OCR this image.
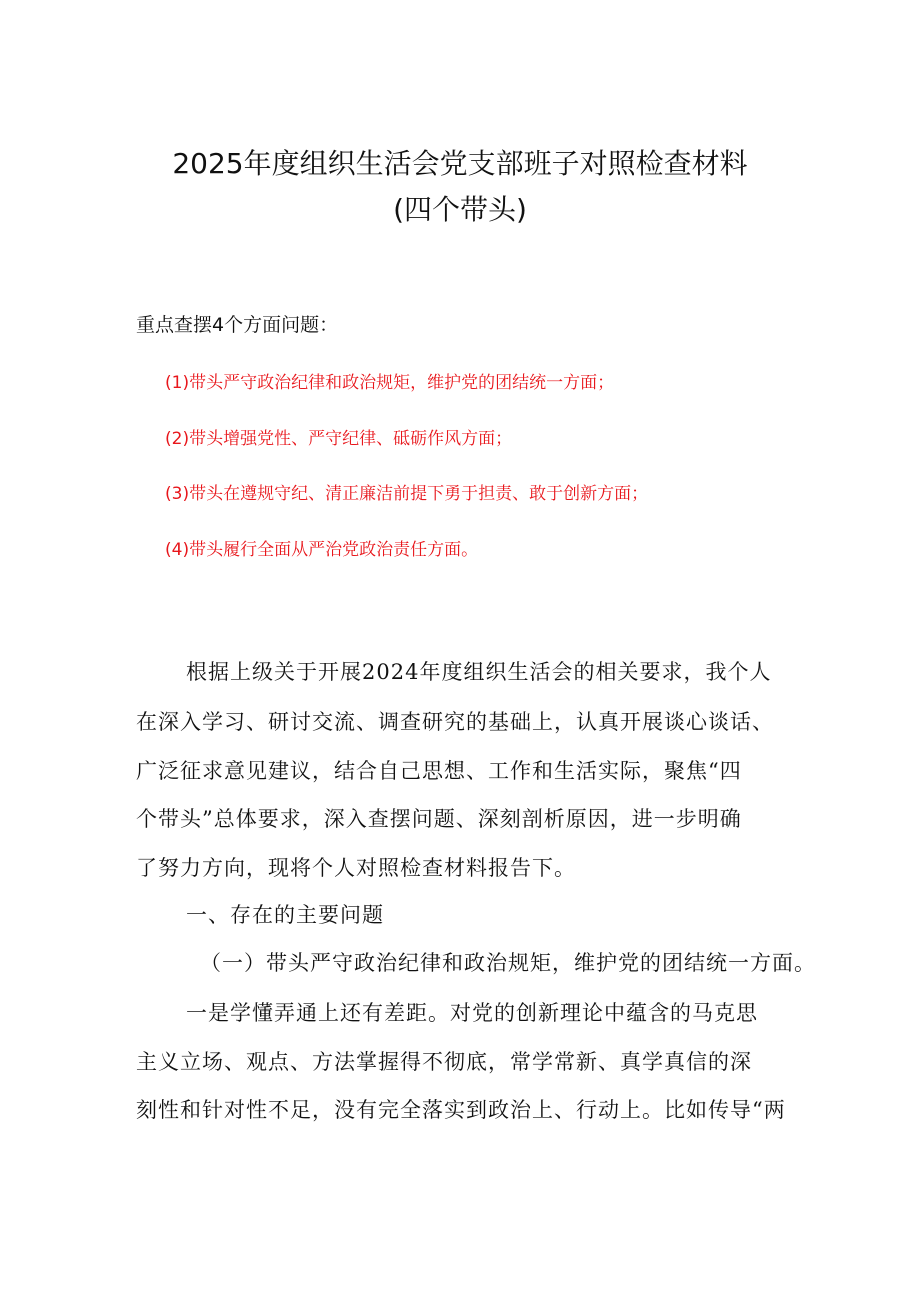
2025年度组织生活会党支部班子对照检查材料
(四个带头)
重点查摆4个方面问题：
(1)带头严守政治纪律和政治规矩，维护党的团结统一方面；
(2)带头增强党性、严守纪律、砥砺作风方面；
(3)带头在遵规守纪、清正廉洁前提下勇于担责、敢于创新方面；
(4)带头履行全面从严治党政治责任方面。
根据上级关于开展2024年度组织生活会的相关要求，我个人
在深入学习、研讨交流、调查研究的基础上，认真开展谈心谈话、
广泛征求意见建议，结合自己思想、工作和生活实际，聚焦“四
个带头”总体要求，深入查摆问题、深刻剖析原因，进一步明确
了努力方向，现将个人对照检查材料报告下。
一、存在的主要问题
（一）带头严守政治纪律和政治规矩，维护党的团结统一方面。
一是学懂弄通上还有差距。对党的创新理论中蕴含的马克思
主义立场、观点、方法掌握得不彻底，常学常新、真学真信的深
刻性和针对性不足，没有完全落实到政治上、行动上。比如传导“两
